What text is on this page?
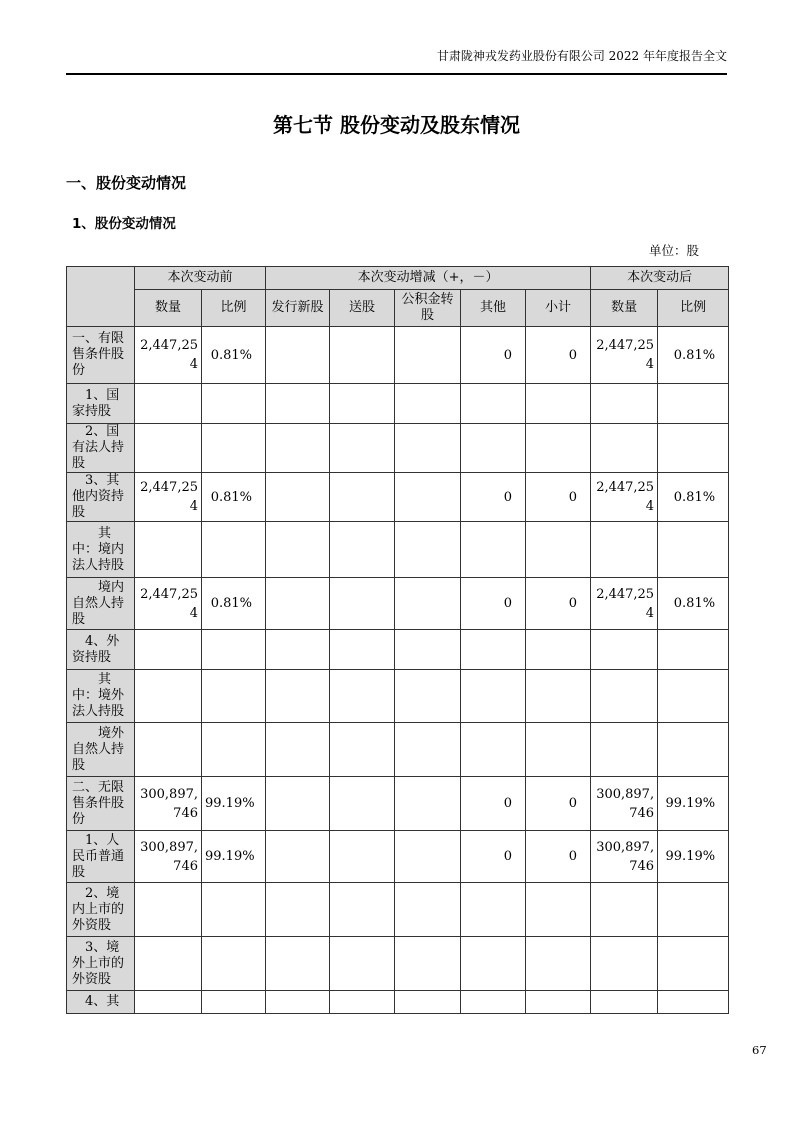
甘肃陇神戎发药业股份有限公司 2022 年年度报告全文
第七节 股份变动及股东情况
一、股份变动情况
1、股份变动情况
单位：股
	本次变动前		本次变动增减（+，－）					本次变动后	
	数量	比例	发行新股	送股	公积金转股	其他	小计	数量	比例
一、有限售条件股份	2,447,254	0.81%				0	0	2,447,254	0.81%
　1、国家持股									
　2、国有法人持股									
　3、其他内资持股	2,447,254	0.81%				0	0	2,447,254	0.81%
　　其中：境内法人持股									
　　境内自然人持股	2,447,254	0.81%				0	0	2,447,254	0.81%
　4、外资持股									
　　其中：境外法人持股									
　　境外自然人持股									
二、无限售条件股份	300,897,746	99.19%				0	0	300,897,746	99.19%
　1、人民币普通股	300,897,746	99.19%				0	0	300,897,746	99.19%
　2、境内上市的外资股									
　3、境外上市的外资股									
　4、其									
67
